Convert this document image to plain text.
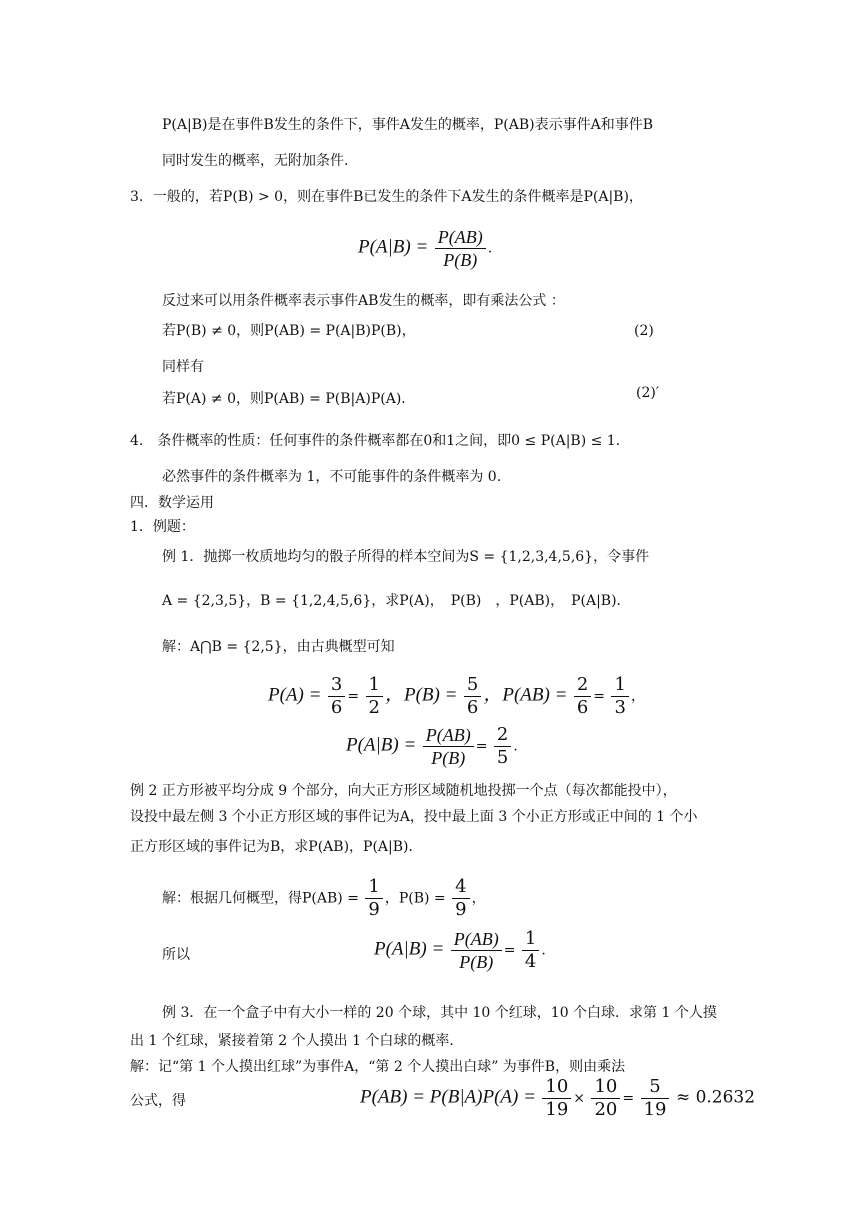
P(A|B)是在事件B发生的条件下，事件A发生的概率，P(AB)表示事件A和事件B
同时发生的概率，无附加条件.
3．一般的，若P(B) > 0，则在事件B已发生的条件下A发生的条件概率是P(A|B)，
$P(A|B) = \frac{P(AB)}{P(B)}$ .
反过来可以用条件概率表示事件AB发生的概率，即有乘法公式 ：
若P(B) ≠ 0，则P(AB) = P(A|B)P(B)，	(2)
同样有
若P(A) ≠ 0，则P(AB) = P(B|A)P(A)．	(2)′
4.　条件概率的性质：任何事件的条件概率都在0和1之间，即0 ≤ P(A|B) ≤ 1．
必然事件的条件概率为 1，不可能事件的条件概率为 0.
四．数学运用
1．例题：
例 1．抛掷一枚质地均匀的骰子所得的样本空间为S = {1,2,3,4,5,6}，令事件
A = {2,3,5}，B = {1,2,4,5,6}，求P(A)，　P(B)　，P(AB)，　P(A|B)．
解：A⋂B = {2,5}，由古典概型可知
$P(A) = \frac{3}{6} = \frac{1}{2}$ ，$P(B) = \frac{5}{6}$ ，$P(AB) = \frac{2}{6} = \frac{1}{3}$ ，
$P(A|B) = \frac{P(AB)}{P(B)} = \frac{2}{5}$ .
例 2 正方形被平均分成 9 个部分，向大正方形区域随机地投掷一个点（每次都能投中），
设投中最左侧 3 个小正方形区域的事件记为A，投中最上面 3 个小正方形或正中间的 1 个小
正方形区域的事件记为B，求P(AB)，P(A|B)．
解：根据几何概型，得$P(AB) = \frac{1}{9}$ ，$P(B) = \frac{4}{9}$ ，
所以	$P(A|B) = \frac{P(AB)}{P(B)} = \frac{1}{4}$ .
例 3．在一个盒子中有大小一样的 20 个球，其中 10 个红球，10 个白球．求第 1 个人摸
出 1 个红球，紧接着第 2 个人摸出 1 个白球的概率.
解：记“第 1 个人摸出红球”为事件A，“第 2 个人摸出白球” 为事件B，则由乘法
公式，得	$P(AB) = P(B|A)P(A) = \frac{10}{19} \times \frac{10}{20} = \frac{5}{19} \approx 0.2632$
